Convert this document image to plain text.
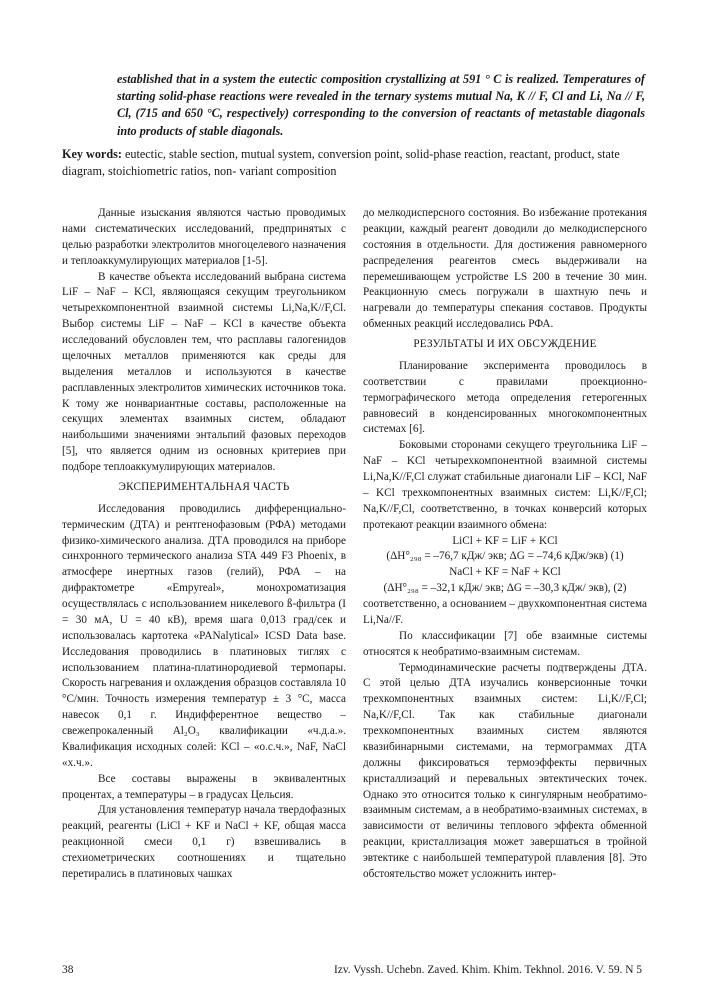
established that in a system the eutectic composition crystallizing at 591 ° C is realized. Temperatures of starting solid-phase reactions were revealed in the ternary systems mutual Na, K // F, Cl and Li, Na // F, Cl, (715 and 650 °C, respectively) corresponding to the conversion of reactants of metastable diagonals into products of stable diagonals.

Key words: eutectic, stable section, mutual system, conversion point, solid-phase reaction, reactant, product, state diagram, stoichiometric ratios, non- variant composition

Данные изыскания являются частью проводимых нами систематических исследований, предпринятых с целью разработки электролитов многоцелевого назначения и теплоаккумулирующих материалов [1-5].

В качестве объекта исследований выбрана система LiF – NaF – KCl, являющаяся секущим треугольником четырехкомпонентной взаимной системы Li,Na,K//F,Cl. Выбор системы LiF – NaF – KCl в качестве объекта исследований обусловлен тем, что расплавы галогенидов щелочных металлов применяются как среды для выделения металлов и используются в качестве расплавленных электролитов химических источников тока. К тому же нонвариантные составы, расположенные на секущих элементах взаимных систем, обладают наибольшими значениями энтальпий фазовых переходов [5], что является одним из основных критериев при подборе теплоаккумулирующих материалов.

ЭКСПЕРИМЕНТАЛЬНАЯ ЧАСТЬ

Исследования проводились дифференциально-термическим (ДТА) и рентгенофазовым (РФА) методами физико-химического анализа. ДТА проводился на приборе синхронного термического анализа STA 449 F3 Phoenix, в атмосфере инертных газов (гелий), РФА – на дифрактометре «Empyreal», монохроматизация осуществлялась с использованием никелевого ß-фильтра (I = 30 мА, U = 40 кВ), время шага 0,013 град/сек и использовалась картотека «PANalytical» ICSD Data base. Исследования проводились в платиновых тиглях с использованием платина-платинородиевой термопары. Скорость нагревания и охлаждения образцов составляла 10 °С/мин. Точность измерения температур ± 3 °С, масса навесок 0,1 г. Индифферентное вещество – свежепрокаленный Al₂O₃ квалификации «ч.д.а.». Квалификация исходных солей: KCl – «о.с.ч.», NaF, NaCl «х.ч.».

Все составы выражены в эквивалентных процентах, а температуры – в градусах Цельсия.

Для установления температур начала твердофазных реакций, реагенты (LiCl + KF и NaCl + KF, общая масса реакционной смеси 0,1 г) взвешивались в стехиометрических соотношениях и тщательно перетирались в платиновых чашках

до мелкодисперсного состояния. Во избежание протекания реакции, каждый реагент доводили до мелкодисперсного состояния в отдельности. Для достижения равномерного распределения реагентов смесь выдерживали на перемешивающем устройстве LS 200 в течение 30 мин. Реакционную смесь погружали в шахтную печь и нагревали до температуры спекания составов. Продукты обменных реакций исследовались РФА.

РЕЗУЛЬТАТЫ И ИХ ОБСУЖДЕНИЕ

Планирование эксперимента проводилось в соответствии с правилами проекционно-термографического метода определения гетерогенных равновесий в конденсированных многокомпонентных системах [6].

Боковыми сторонами секущего треугольника LiF – NaF – KCl четырехкомпонентной взаимной системы Li,Na,K//F,Cl служат стабильные диагонали LiF – KCl, NaF – KCl трехкомпонентных взаимных систем: Li,K//F,Cl; Na,K//F,Cl, соответственно, в точках конверсий которых протекают реакции взаимного обмена:

LiCl + KF = LiF + KCl

(ΔH°₂₉₈ = –76,7 кДж/ экв; ΔG = –74,6 кДж/экв) (1)

NaCl + KF = NaF + KCl

(ΔH°₂₉₈ = –32,1 кДж/ экв; ΔG = –30,3 кДж/ экв), (2)

соответственно, а основанием – двухкомпонентная система Li,Na//F.

По классификации [7] обе взаимные системы относятся к необратимо-взаимным системам.

Термодинамические расчеты подтверждены ДТА. С этой целью ДТА изучались конверсионные точки трехкомпонентных взаимных систем: Li,K//F,Cl; Na,K//F,Cl. Так как стабильные диагонали трехкомпонентных взаимных систем являются квазибинарными системами, на термограммах ДТА должны фиксироваться термоэффекты первичных кристаллизаций и перевальных эвтектических точек. Однако это относится только к сингулярным необратимо-взаимным системам, а в необратимо-взаимных системах, в зависимости от величины теплового эффекта обменной реакции, кристаллизация может завершаться в тройной эвтектике с наибольшей температурой плавления [8]. Это обстоятельство может усложнить интер-

38	Izv. Vyssh. Uchebn. Zaved. Khim. Khim. Tekhnol. 2016. V. 59. N 5
